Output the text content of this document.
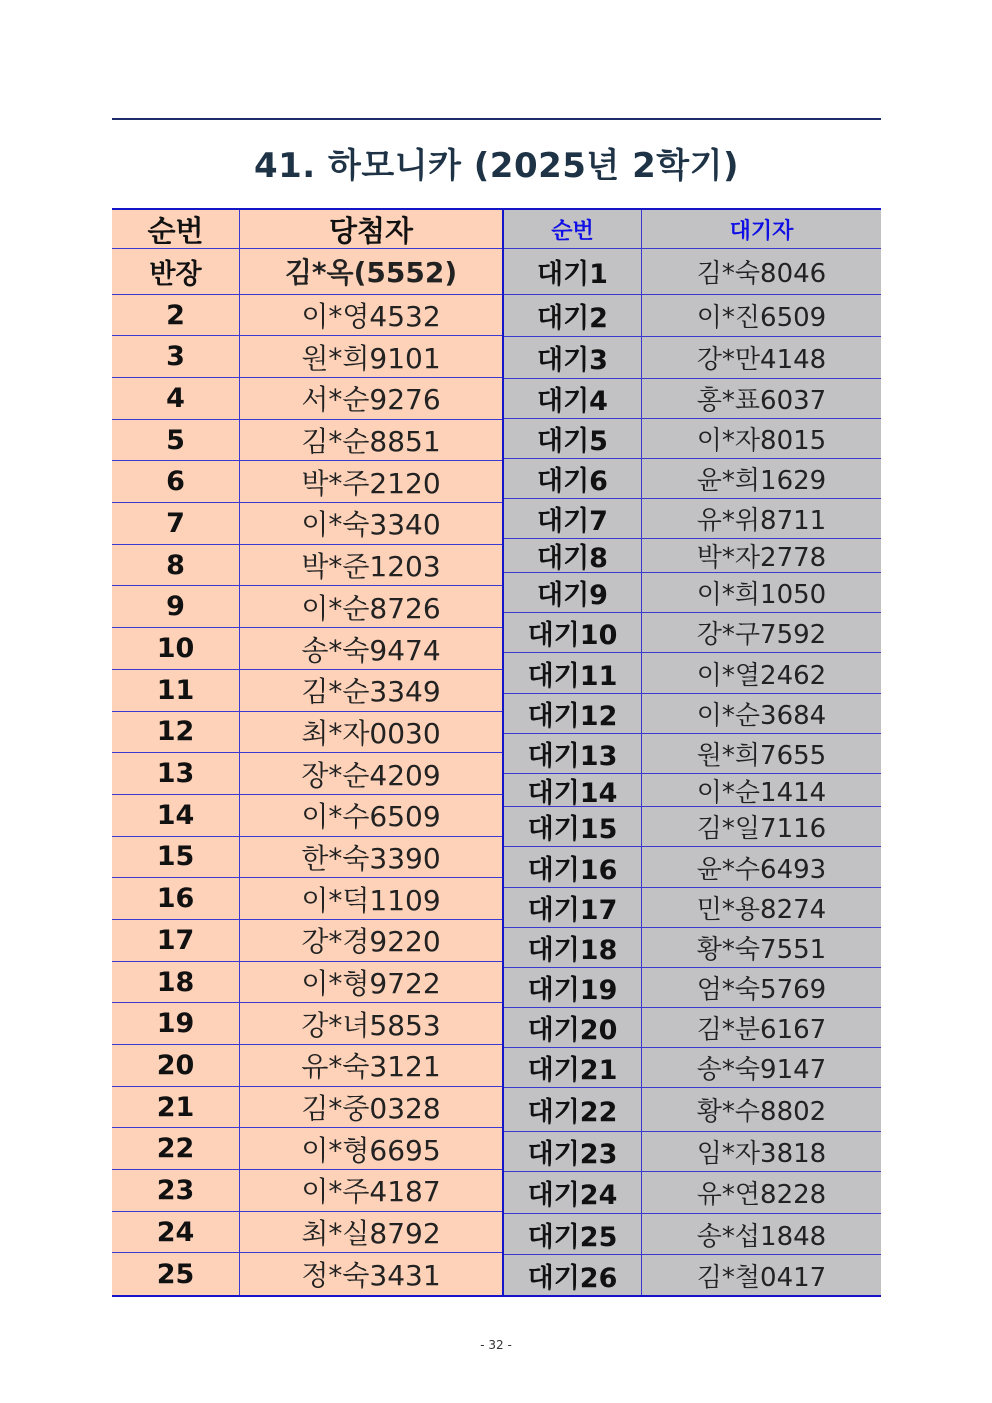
41. 하모니카 (2025년 2학기)
순번	당첨자
반장	김*옥(5552)
2	이*영4532
3	원*희9101
4	서*순9276
5	김*순8851
6	박*주2120
7	이*숙3340
8	박*준1203
9	이*순8726
10	송*숙9474
11	김*순3349
12	최*자0030
13	장*순4209
14	이*수6509
15	한*숙3390
16	이*덕1109
17	강*경9220
18	이*형9722
19	강*녀5853
20	유*숙3121
21	김*중0328
22	이*형6695
23	이*주4187
24	최*실8792
25	정*숙3431
순번	대기자
대기1	김*숙8046
대기2	이*진6509
대기3	강*만4148
대기4	홍*표6037
대기5	이*자8015
대기6	윤*희1629
대기7	유*위8711
대기8	박*자2778
대기9	이*희1050
대기10	강*구7592
대기11	이*열2462
대기12	이*순3684
대기13	원*희7655
대기14	이*순1414
대기15	김*일7116
대기16	윤*수6493
대기17	민*용8274
대기18	황*숙7551
대기19	엄*숙5769
대기20	김*분6167
대기21	송*숙9147
대기22	황*수8802
대기23	임*자3818
대기24	유*연8228
대기25	송*섭1848
대기26	김*철0417
- 32 -
